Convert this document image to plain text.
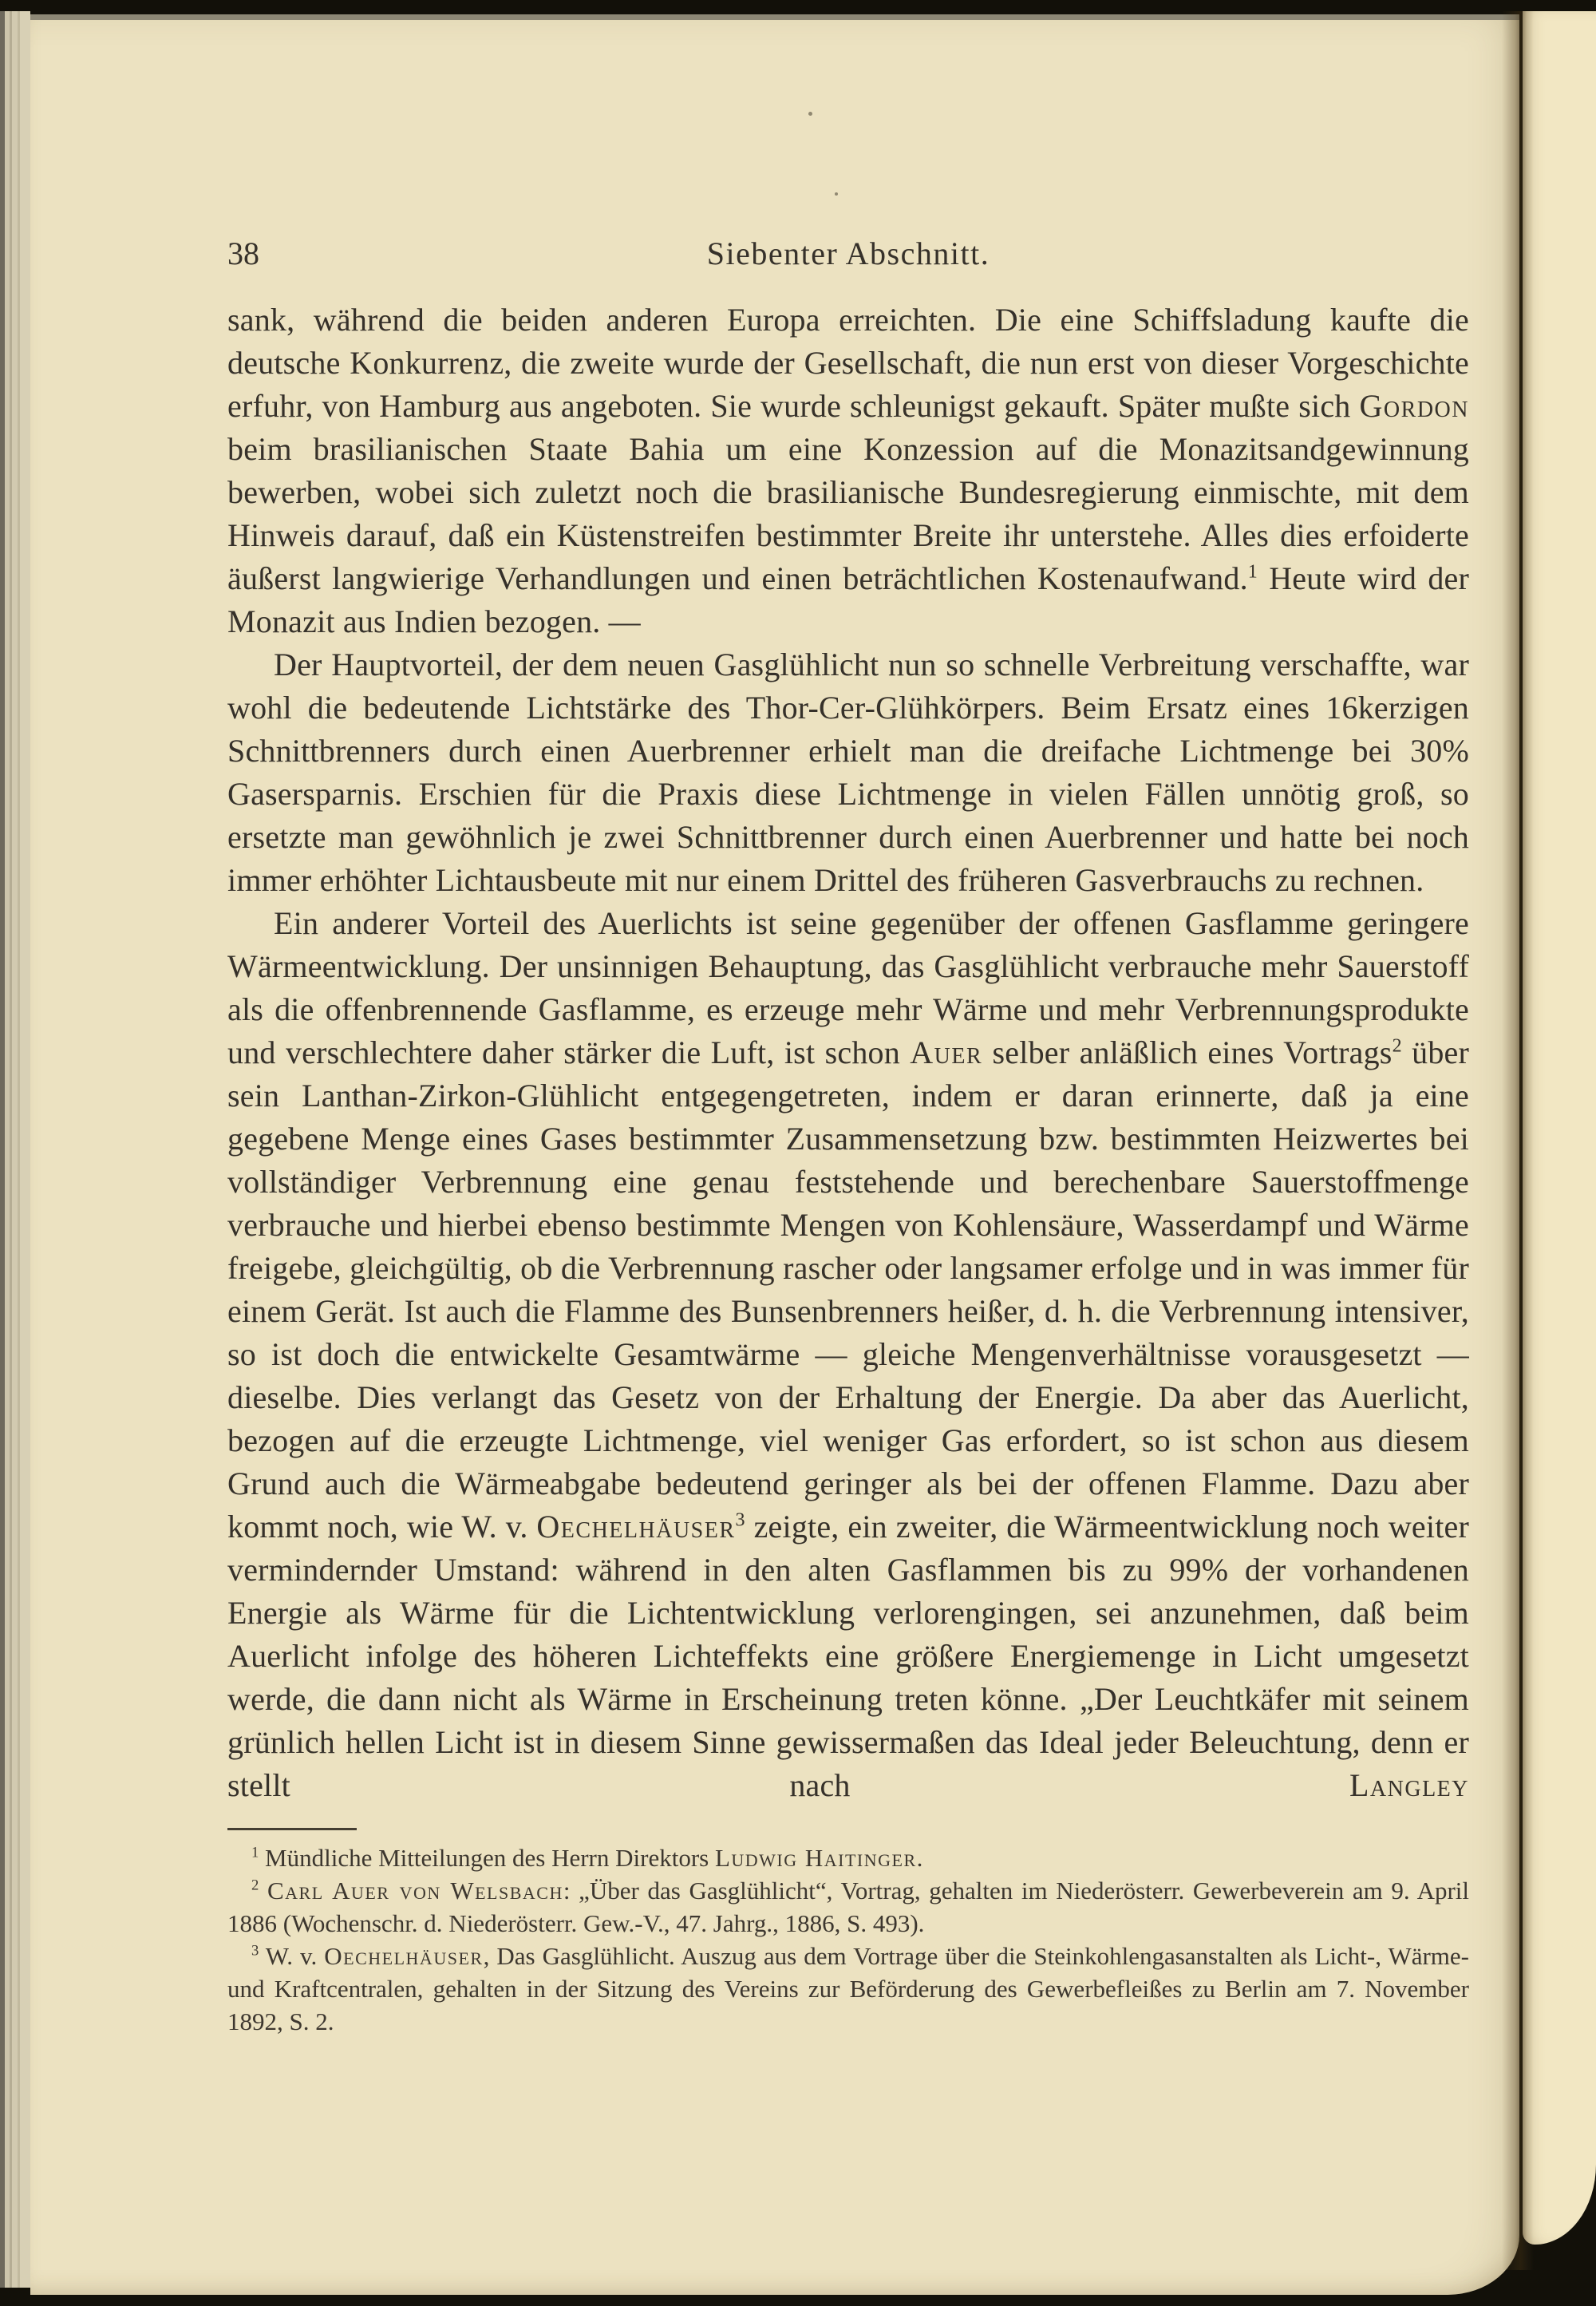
38	Siebenter Abschnitt.

sank, während die beiden anderen Europa erreichten. Die eine Schiffsladung kaufte die deutsche Konkurrenz, die zweite wurde der Gesellschaft, die nun erst von dieser Vorgeschichte erfuhr, von Hamburg aus angeboten. Sie wurde schleunigst gekauft. Später mußte sich Gordon beim brasilianischen Staate Bahia um eine Konzession auf die Monazitsandgewinnung bewerben, wobei sich zuletzt noch die brasilianische Bundesregierung einmischte, mit dem Hinweis darauf, daß ein Küstenstreifen bestimmter Breite ihr unterstehe. Alles dies erfoiderte äußerst langwierige Verhandlungen und einen beträchtlichen Kostenaufwand.$^1$ Heute wird der Monazit aus Indien bezogen. —

Der Hauptvorteil, der dem neuen Gasglühlicht nun so schnelle Verbreitung verschaffte, war wohl die bedeutende Lichtstärke des Thor-Cer-Glühkörpers. Beim Ersatz eines 16kerzigen Schnittbrenners durch einen Auerbrenner erhielt man die dreifache Lichtmenge bei 30% Gasersparnis. Erschien für die Praxis diese Lichtmenge in vielen Fällen unnötig groß, so ersetzte man gewöhnlich je zwei Schnittbrenner durch einen Auerbrenner und hatte bei noch immer erhöhter Lichtausbeute mit nur einem Drittel des früheren Gasverbrauchs zu rechnen.

Ein anderer Vorteil des Auerlichts ist seine gegenüber der offenen Gasflamme geringere Wärmeentwicklung. Der unsinnigen Behauptung, das Gasglühlicht verbrauche mehr Sauerstoff als die offenbrennende Gasflamme, es erzeuge mehr Wärme und mehr Verbrennungsprodukte und verschlechtere daher stärker die Luft, ist schon Auer selber anläßlich eines Vortrags$^2$ über sein Lanthan-Zirkon-Glühlicht entgegengetreten, indem er daran erinnerte, daß ja eine gegebene Menge eines Gases bestimmter Zusammensetzung bzw. bestimmten Heizwertes bei vollständiger Verbrennung eine genau feststehende und berechenbare Sauerstoffmenge verbrauche und hierbei ebenso bestimmte Mengen von Kohlensäure, Wasserdampf und Wärme freigebe, gleichgültig, ob die Verbrennung rascher oder langsamer erfolge und in was immer für einem Gerät. Ist auch die Flamme des Bunsenbrenners heißer, d. h. die Verbrennung intensiver, so ist doch die entwickelte Gesamtwärme — gleiche Mengenverhältnisse vorausgesetzt — dieselbe. Dies verlangt das Gesetz von der Erhaltung der Energie. Da aber das Auerlicht, bezogen auf die erzeugte Lichtmenge, viel weniger Gas erfordert, so ist schon aus diesem Grund auch die Wärmeabgabe bedeutend geringer als bei der offenen Flamme. Dazu aber kommt noch, wie W. v. Oechelhäuser$^3$ zeigte, ein zweiter, die Wärmeentwicklung noch weiter vermindernder Umstand: während in den alten Gasflammen bis zu 99% der vorhandenen Energie als Wärme für die Lichtentwicklung verlorengingen, sei anzunehmen, daß beim Auerlicht infolge des höheren Lichteffekts eine größere Energiemenge in Licht umgesetzt werde, die dann nicht als Wärme in Erscheinung treten könne. „Der Leuchtkäfer mit seinem grünlich hellen Licht ist in diesem Sinne gewissermaßen das Ideal jeder Beleuchtung, denn er stellt nach Langley

$^1$ Mündliche Mitteilungen des Herrn Direktors Ludwig Haitinger.

$^2$ Carl Auer von Welsbach: „Über das Gasglühlicht“, Vortrag, gehalten im Niederösterr. Gewerbeverein am 9. April 1886 (Wochenschr. d. Niederösterr. Gew.-V., 47. Jahrg., 1886, S. 493).

$^3$ W. v. Oechelhäuser, Das Gasglühlicht. Auszug aus dem Vortrage über die Steinkohlengasanstalten als Licht-, Wärme- und Kraftcentralen, gehalten in der Sitzung des Vereins zur Beförderung des Gewerbefleißes zu Berlin am 7. November 1892, S. 2.
